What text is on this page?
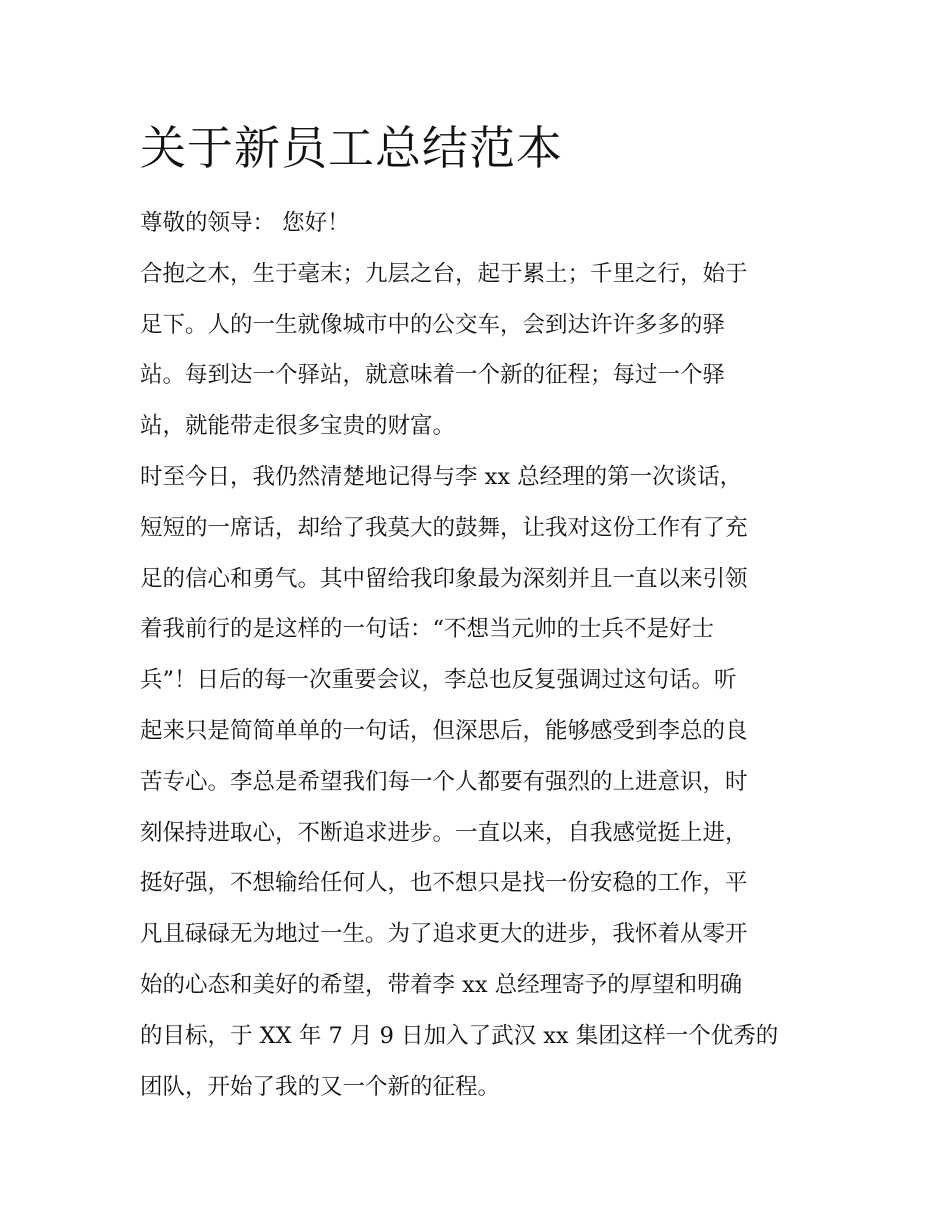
关于新员工总结范本
尊敬的领导： 您好！
合抱之木，生于毫末；九层之台，起于累土；千里之行，始于
足下。人的一生就像城市中的公交车，会到达许许多多的驿
站。每到达一个驿站，就意味着一个新的征程；每过一个驿
站，就能带走很多宝贵的财富。
时至今日，我仍然清楚地记得与李 xx 总经理的第一次谈话，
短短的一席话，却给了我莫大的鼓舞，让我对这份工作有了充
足的信心和勇气。其中留给我印象最为深刻并且一直以来引领
着我前行的是这样的一句话：“不想当元帅的士兵不是好士
兵”！日后的每一次重要会议，李总也反复强调过这句话。听
起来只是简简单单的一句话，但深思后，能够感受到李总的良
苦专心。李总是希望我们每一个人都要有强烈的上进意识，时
刻保持进取心，不断追求进步。一直以来，自我感觉挺上进，
挺好强，不想输给任何人，也不想只是找一份安稳的工作，平
凡且碌碌无为地过一生。为了追求更大的进步，我怀着从零开
始的心态和美好的希望，带着李 xx 总经理寄予的厚望和明确
的目标，于 XX 年 7 月 9 日加入了武汉 xx 集团这样一个优秀的
团队，开始了我的又一个新的征程。
